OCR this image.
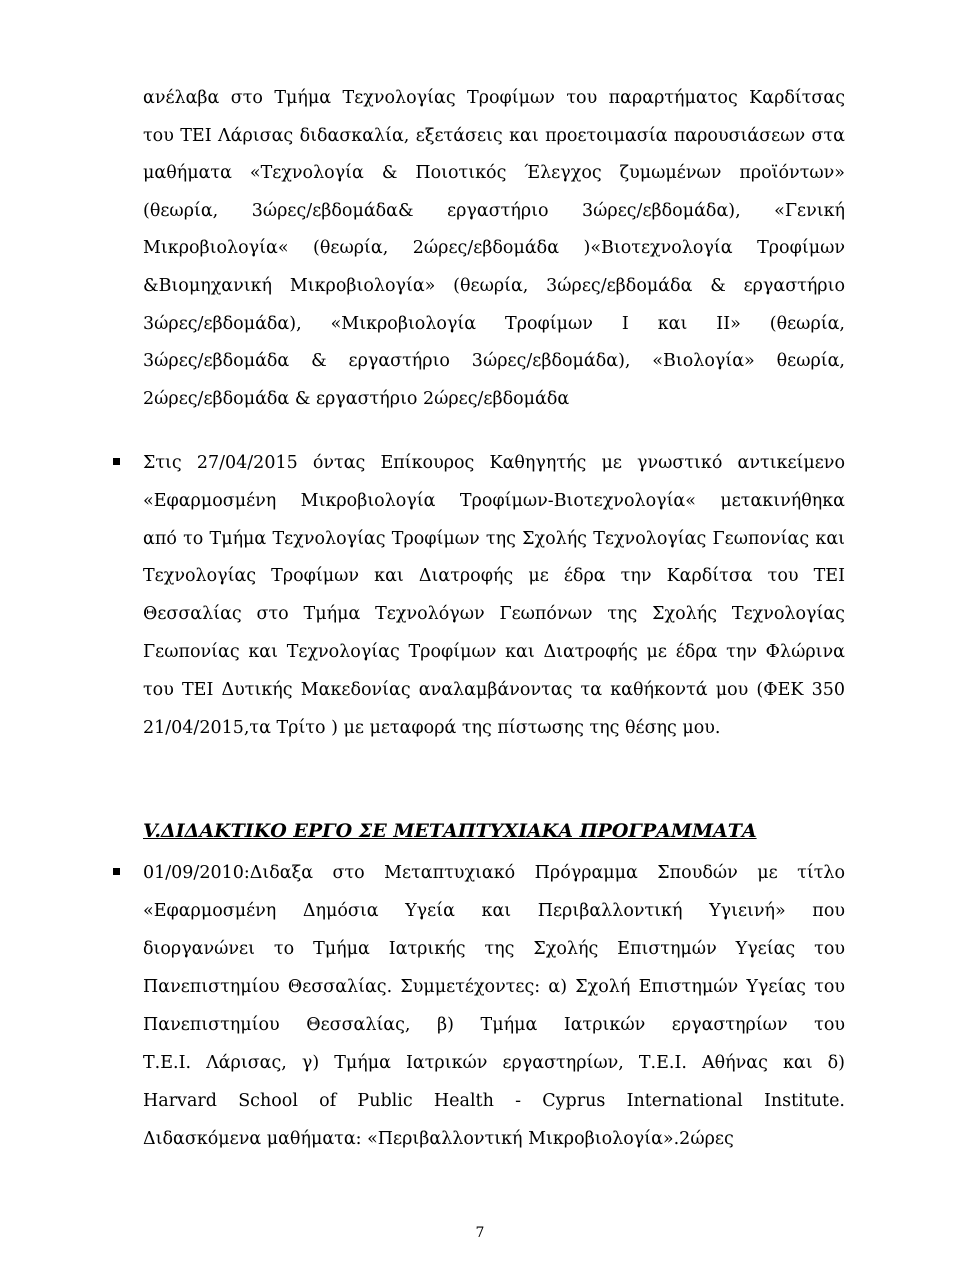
ανέλαβα στο Τμήμα Τεχνολογίας Τροφίμων του παραρτήματος Καρδίτσας
του ΤΕΙ Λάρισας διδασκαλία, εξετάσεις και προετοιμασία παρουσιάσεων στα
μαθήματα «Τεχνολογία & Ποιοτικός Έλεγχος ζυμωμένων προϊόντων»
(θεωρία, 3ώρες/εβδομάδα& εργαστήριο 3ώρες/εβδομάδα), «Γενική
Μικροβιολογία« (θεωρία, 2ώρες/εβδομάδα )«Βιοτεχνολογία Τροφίμων
&Βιομηχανική Μικροβιολογία» (θεωρία, 3ώρες/εβδομάδα & εργαστήριο
3ώρες/εβδομάδα), «Μικροβιολογία Τροφίμων Ι και ΙΙ» (θεωρία,
3ώρες/εβδομάδα & εργαστήριο 3ώρες/εβδομάδα), «Βιολογία» θεωρία,
2ώρες/εβδομάδα & εργαστήριο 2ώρες/εβδομάδα
Στις 27/04/2015 όντας Επίκουρος Καθηγητής με γνωστικό αντικείμενο
«Εφαρμοσμένη Μικροβιολογία Τροφίμων-Βιοτεχνολογία« μετακινήθηκα
από το Τμήμα Τεχνολογίας Τροφίμων της Σχολής Τεχνολογίας Γεωπονίας και
Τεχνολογίας Τροφίμων και Διατροφής με έδρα την Καρδίτσα του ΤΕΙ
Θεσσαλίας στο Τμήμα Τεχνολόγων Γεωπόνων της Σχολής Τεχνολογίας
Γεωπονίας και Τεχνολογίας Τροφίμων και Διατροφής με έδρα την Φλώρινα
του ΤΕΙ Δυτικής Μακεδονίας αναλαμβάνοντας τα καθήκοντά μου (ΦΕΚ 350
21/04/2015,τα Τρίτο ) με μεταφορά της πίστωσης της θέσης μου.
V.ΔΙΔΑΚΤΙΚΟ ΕΡΓΟ ΣΕ ΜΕΤΑΠΤΥΧΙΑΚΑ ΠΡΟΓΡΑΜΜΑΤΑ
01/09/2010:Διδαξα στο Μεταπτυχιακό Πρόγραμμα Σπουδών με τίτλο
«Εφαρμοσμένη Δημόσια Υγεία και Περιβαλλοντική Υγιεινή» που
διοργανώνει το Τμήμα Ιατρικής της Σχολής Επιστημών Υγείας του
Πανεπιστημίου Θεσσαλίας. Συμμετέχοντες: α) Σχολή Επιστημών Υγείας του
Πανεπιστημίου Θεσσαλίας, β) Τμήμα Ιατρικών εργαστηρίων του
Τ.Ε.Ι. Λάρισας, γ) Τμήμα Ιατρικών εργαστηρίων, Τ.Ε.Ι. Αθήνας και δ)
Harvard School of Public Health - Cyprus International Institute.
Διδασκόμενα μαθήματα: «Περιβαλλοντική Μικροβιολογία».2ώρες
7
